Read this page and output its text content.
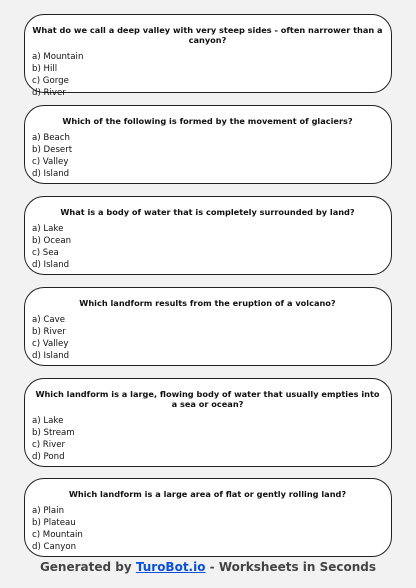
What do we call a deep valley with very steep sides - often narrower than a canyon?
a) Mountain
b) Hill
c) Gorge
d) River
Which of the following is formed by the movement of glaciers?
a) Beach
b) Desert
c) Valley
d) Island
What is a body of water that is completely surrounded by land?
a) Lake
b) Ocean
c) Sea
d) Island
Which landform results from the eruption of a volcano?
a) Cave
b) River
c) Valley
d) Island
Which landform is a large, flowing body of water that usually empties into a sea or ocean?
a) Lake
b) Stream
c) River
d) Pond
Which landform is a large area of flat or gently rolling land?
a) Plain
b) Plateau
c) Mountain
d) Canyon
Generated by TuroBot.io - Worksheets in Seconds
